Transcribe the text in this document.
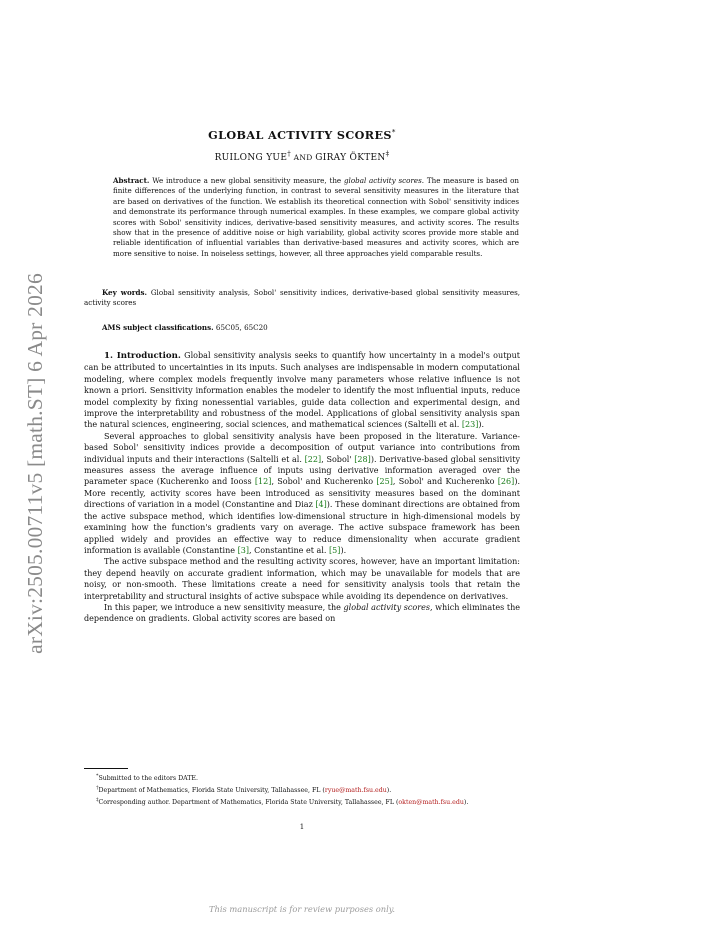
arXiv:2505.00711v5 [math.ST] 6 Apr 2026
GLOBAL ACTIVITY SCORES*
RUILONG YUE† AND GIRAY ÖKTEN‡
Abstract. We introduce a new global sensitivity measure, the global activity scores. The measure is based on finite differences of the underlying function, in contrast to several sensitivity measures in the literature that are based on derivatives of the function. We establish its theoretical connection with Sobol' sensitivity indices and demonstrate its performance through numerical examples. In these examples, we compare global activity scores with Sobol' sensitivity indices, derivative-based sensitivity measures, and activity scores. The results show that in the presence of additive noise or high variability, global activity scores provide more stable and reliable identification of influential variables than derivative-based measures and activity scores, which are more sensitive to noise. In noiseless settings, however, all three approaches yield comparable results.
Key words. Global sensitivity analysis, Sobol' sensitivity indices, derivative-based global sensitivity measures, activity scores
AMS subject classifications. 65C05, 65C20

1. Introduction. Global sensitivity analysis seeks to quantify how uncertainty in a model's output can be attributed to uncertainties in its inputs. Such analyses are indispensable in modern computational modeling, where complex models frequently involve many parameters whose relative influence is not known a priori. Sensitivity information enables the modeler to identify the most influential inputs, reduce model complexity by fixing nonessential variables, guide data collection and experimental design, and improve the interpretability and robustness of the model. Applications of global sensitivity analysis span the natural sciences, engineering, social sciences, and mathematical sciences (Saltelli et al. [23]).

Several approaches to global sensitivity analysis have been proposed in the literature. Variance-based Sobol' sensitivity indices provide a decomposition of output variance into contributions from individual inputs and their interactions (Saltelli et al. [22], Sobol' [28]). Derivative-based global sensitivity measures assess the average influence of inputs using derivative information averaged over the parameter space (Kucherenko and Iooss [12], Sobol' and Kucherenko [25], Sobol' and Kucherenko [26]). More recently, activity scores have been introduced as sensitivity measures based on the dominant directions of variation in a model (Constantine and Diaz [4]). These dominant directions are obtained from the active subspace method, which identifies low-dimensional structure in high-dimensional models by examining how the function's gradients vary on average. The active subspace framework has been applied widely and provides an effective way to reduce dimensionality when accurate gradient information is available (Constantine [3], Constantine et al. [5]).

The active subspace method and the resulting activity scores, however, have an important limitation: they depend heavily on accurate gradient information, which may be unavailable for models that are noisy, or non-smooth. These limitations create a need for sensitivity analysis tools that retain the interpretability and structural insights of active subspace while avoiding its dependence on derivatives.

In this paper, we introduce a new sensitivity measure, the global activity scores, which eliminates the dependence on gradients. Global activity scores are based on

*Submitted to the editors DATE.
†Department of Mathematics, Florida State University, Tallahassee, FL (ryue@math.fsu.edu).
‡Corresponding author. Department of Mathematics, Florida State University, Tallahassee, FL (okten@math.fsu.edu).
1
This manuscript is for review purposes only.
